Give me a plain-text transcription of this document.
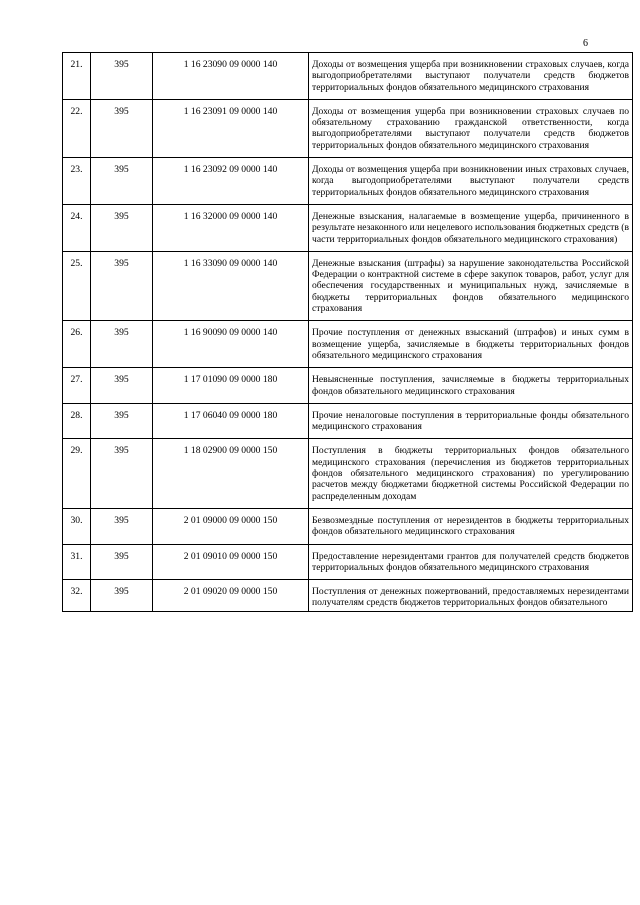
6
21.	395	1 16 23090 09 0000 140	Доходы от возмещения ущерба при возникновении страховых случаев, когда выгодоприобретателями выступают получатели средств бюджетов территориальных фондов обязательного медицинского страхования
22.	395	1 16 23091 09 0000 140	Доходы от возмещения ущерба при возникновении страховых случаев по обязательному страхованию гражданской ответственности, когда выгодоприобретателями выступают получатели средств бюджетов территориальных фондов обязательного медицинского страхования
23.	395	1 16 23092 09 0000 140	Доходы от возмещения ущерба при возникновении иных страховых случаев, когда выгодоприобретателями выступают получатели средств территориальных фондов обязательного медицинского страхования
24.	395	1 16 32000 09 0000 140	Денежные взыскания, налагаемые в возмещение ущерба, причиненного в результате незаконного или нецелевого использования бюджетных средств (в части территориальных фондов обязательного медицинского страхования)
25.	395	1 16 33090 09 0000 140	Денежные взыскания (штрафы) за нарушение законодательства Российской Федерации о контрактной системе в сфере закупок товаров, работ, услуг для обеспечения государственных и муниципальных нужд, зачисляемые в бюджеты территориальных фондов обязательного медицинского страхования
26.	395	1 16 90090 09 0000 140	Прочие поступления от денежных взысканий (штрафов) и иных сумм в возмещение ущерба, зачисляемые в бюджеты территориальных фондов обязательного медицинского страхования
27.	395	1 17 01090 09 0000 180	Невыясненные поступления, зачисляемые в бюджеты территориальных фондов обязательного медицинского страхования
28.	395	1 17 06040 09 0000 180	Прочие неналоговые поступления в территориальные фонды обязательного медицинского страхования
29.	395	1 18 02900 09 0000 150	Поступления в бюджеты территориальных фондов обязательного медицинского страхования (перечисления из бюджетов территориальных фондов обязательного медицинского страхования) по урегулированию расчетов между бюджетами бюджетной системы Российской Федерации по распределенным доходам
30.	395	2 01 09000 09 0000 150	Безвозмездные поступления от нерезидентов в бюджеты территориальных фондов обязательного медицинского страхования
31.	395	2 01 09010 09 0000 150	Предоставление нерезидентами грантов для получателей средств бюджетов территориальных фондов обязательного медицинского страхования
32.	395	2 01 09020 09 0000 150	Поступления от денежных пожертвований, предоставляемых нерезидентами получателям средств бюджетов территориальных фондов обязательного
